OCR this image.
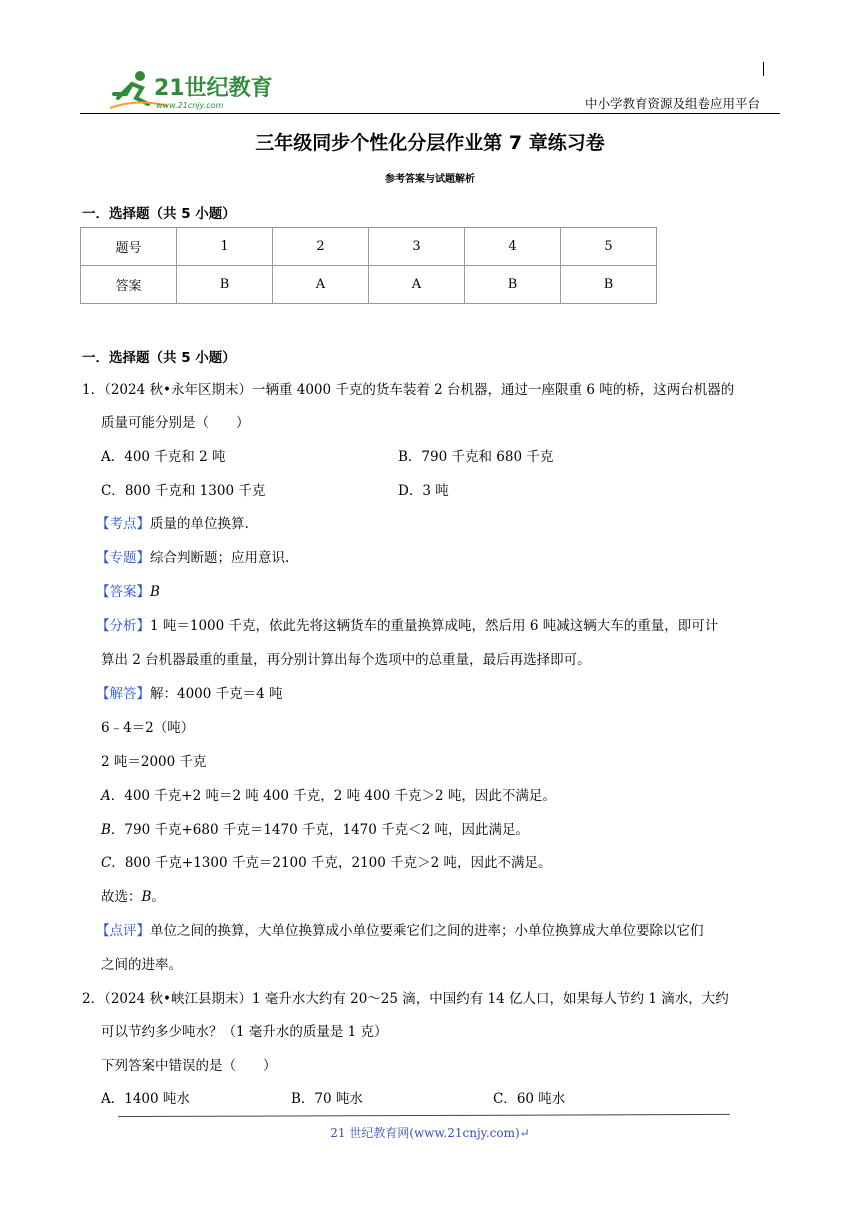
21世纪教育
www.21cnjy.com	中小学教育资源及组卷应用平台
三年级同步个性化分层作业第 7 章练习卷
参考答案与试题解析
一．选择题（共 5 小题）
题号	1	2	3	4	5
答案	B	A	A	B	B
一．选择题（共 5 小题）
1．（2024 秋•永年区期末）一辆重 4000 千克的货车装着 2 台机器，通过一座限重 6 吨的桥，这两台机器的
质量可能分别是（　　）
A．400 千克和 2 吨	B．790 千克和 680 千克
C．800 千克和 1300 千克	D．3 吨
【考点】质量的单位换算.
【专题】综合判断题；应用意识.
【答案】B
【分析】1 吨＝1000 千克，依此先将这辆货车的重量换算成吨，然后用 6 吨减这辆大车的重量，即可计
算出 2 台机器最重的重量，再分别计算出每个选项中的总重量，最后再选择即可。
【解答】解：4000 千克＝4 吨
6﹣4＝2（吨）
2 吨＝2000 千克
A．400 千克+2 吨＝2 吨 400 千克，2 吨 400 千克＞2 吨，因此不满足。
B．790 千克+680 千克＝1470 千克，1470 千克＜2 吨，因此满足。
C．800 千克+1300 千克＝2100 千克，2100 千克＞2 吨，因此不满足。
故选：B。
【点评】单位之间的换算，大单位换算成小单位要乘它们之间的进率；小单位换算成大单位要除以它们
之间的进率。
2．（2024 秋•峡江县期末）1 毫升水大约有 20～25 滴，中国约有 14 亿人口，如果每人节约 1 滴水，大约
可以节约多少吨水？（1 毫升水的质量是 1 克）
下列答案中错误的是（　　）
A．1400 吨水	B．70 吨水	C．60 吨水
21 世纪教育网(www.21cnjy.com)↵
